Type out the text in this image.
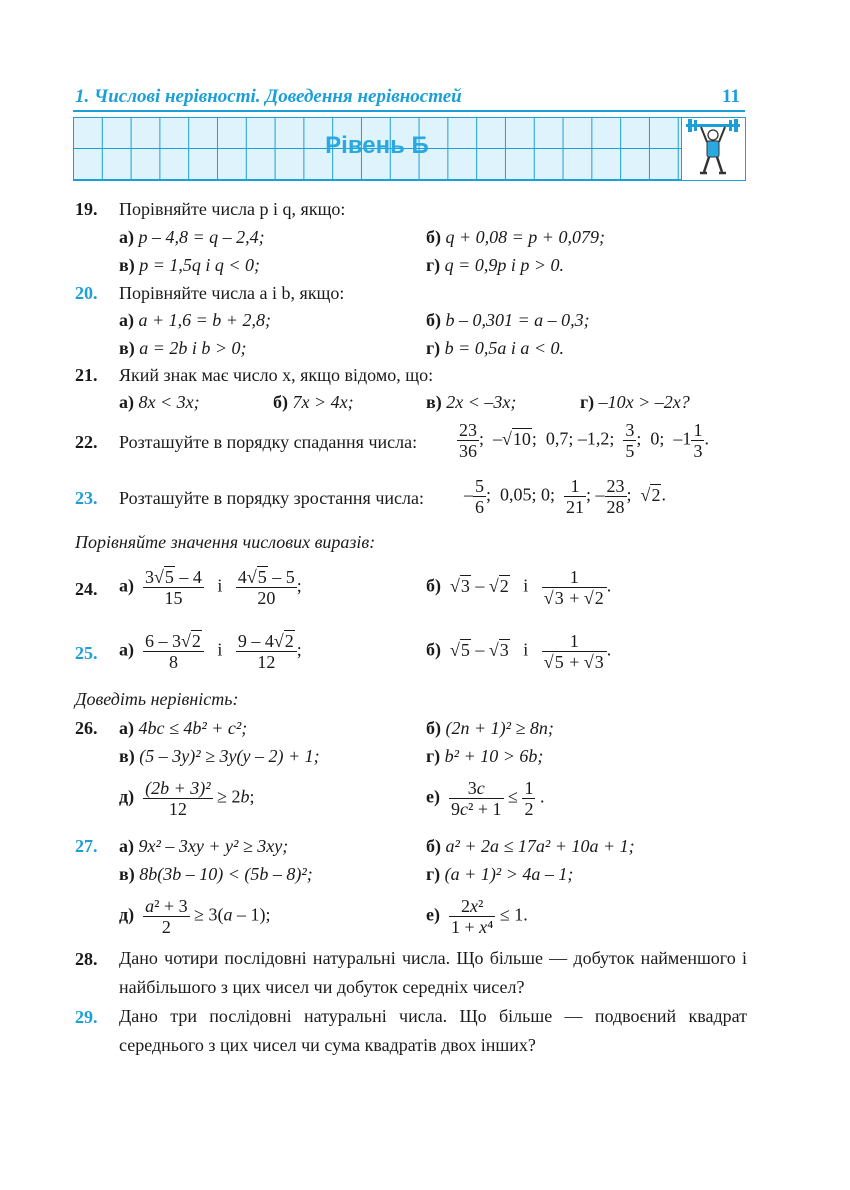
1. Числові нерівності. Доведення нерівностей	11
Рівень Б
19. Порівняйте числа p і q, якщо:
а) p – 4,8 = q – 2,4;	б) q + 0,08 = p + 0,079;
в) p = 1,5q і q < 0;	г) q = 0,9p і p > 0.
20. Порівняйте числа a і b, якщо:
а) a + 1,6 = b + 2,8;	б) b – 0,301 = a – 0,3;
в) a = 2b і b > 0;	г) b = 0,5a і a < 0.
21. Який знак має число x, якщо відомо, що:
а) 8x < 3x;	б) 7x > 4x;	в) 2x < –3x;	г) –10x > –2x?
22. Розташуйте в порядку спадання числа: $\frac{23}{36}$ ;  –√10;  0,7; –1,2; $\frac{3}{5}$ ;  0;  $-1 \frac{1}{3}$ .
23. Розташуйте в порядку зростання числа: – $\frac{5}{6}$ ;  0,05; 0; $\frac{1}{21}$ ; – $\frac{23}{28}$ ;  √2.
Порівняйте значення числових виразів:
24. $а) \frac{3√5 - 4}{15}$ і $\frac{4√5 - 5}{20}$ ;	б) √3 – √2 і $\frac{1}{√3 + √2}$ .
25. $а) \frac{6 - 3√2}{8}$ і $\frac{9 - 4√2}{12}$ ;	б) √5 – √3 і $\frac{1}{√5 + √3}$ .
Доведіть нерівність:
26. а) 4bc ≤ 4b² + c²;	б) (2n + 1)² ≥ 8n;
в) (5 – 3y)² ≥ 3y(y – 2) + 1;	г) b² + 10 > 6b;
$д) \frac{\text{(2b + 3)²}}{12} \ge 2b$;	$е) \frac{3c}{\text{9c² + 1}} \le \frac{1}{2}$ .
27. а) 9x² – 3xy + y² ≥ 3xy;	б) a² + 2a ≤ 17a² + 10a + 1;
в) 8b(3b – 10) < (5b – 8)²;	г) (a + 1)² > 4a – 1;
$д) \frac{\text{a² + 3}}{2} \ge 3(a - 1)$;	$е) \frac{\text{2x²}}{\text{1 + x⁴}} \le 1$.
28. Дано чотири послідовні натуральні числа. Що більше — добуток найменшого і найбільшого з цих чисел чи добуток середніх чисел?
29. Дано три послідовні натуральні числа. Що більше — подвоєний квадрат середнього з цих чисел чи сума квадратів двох інших?
